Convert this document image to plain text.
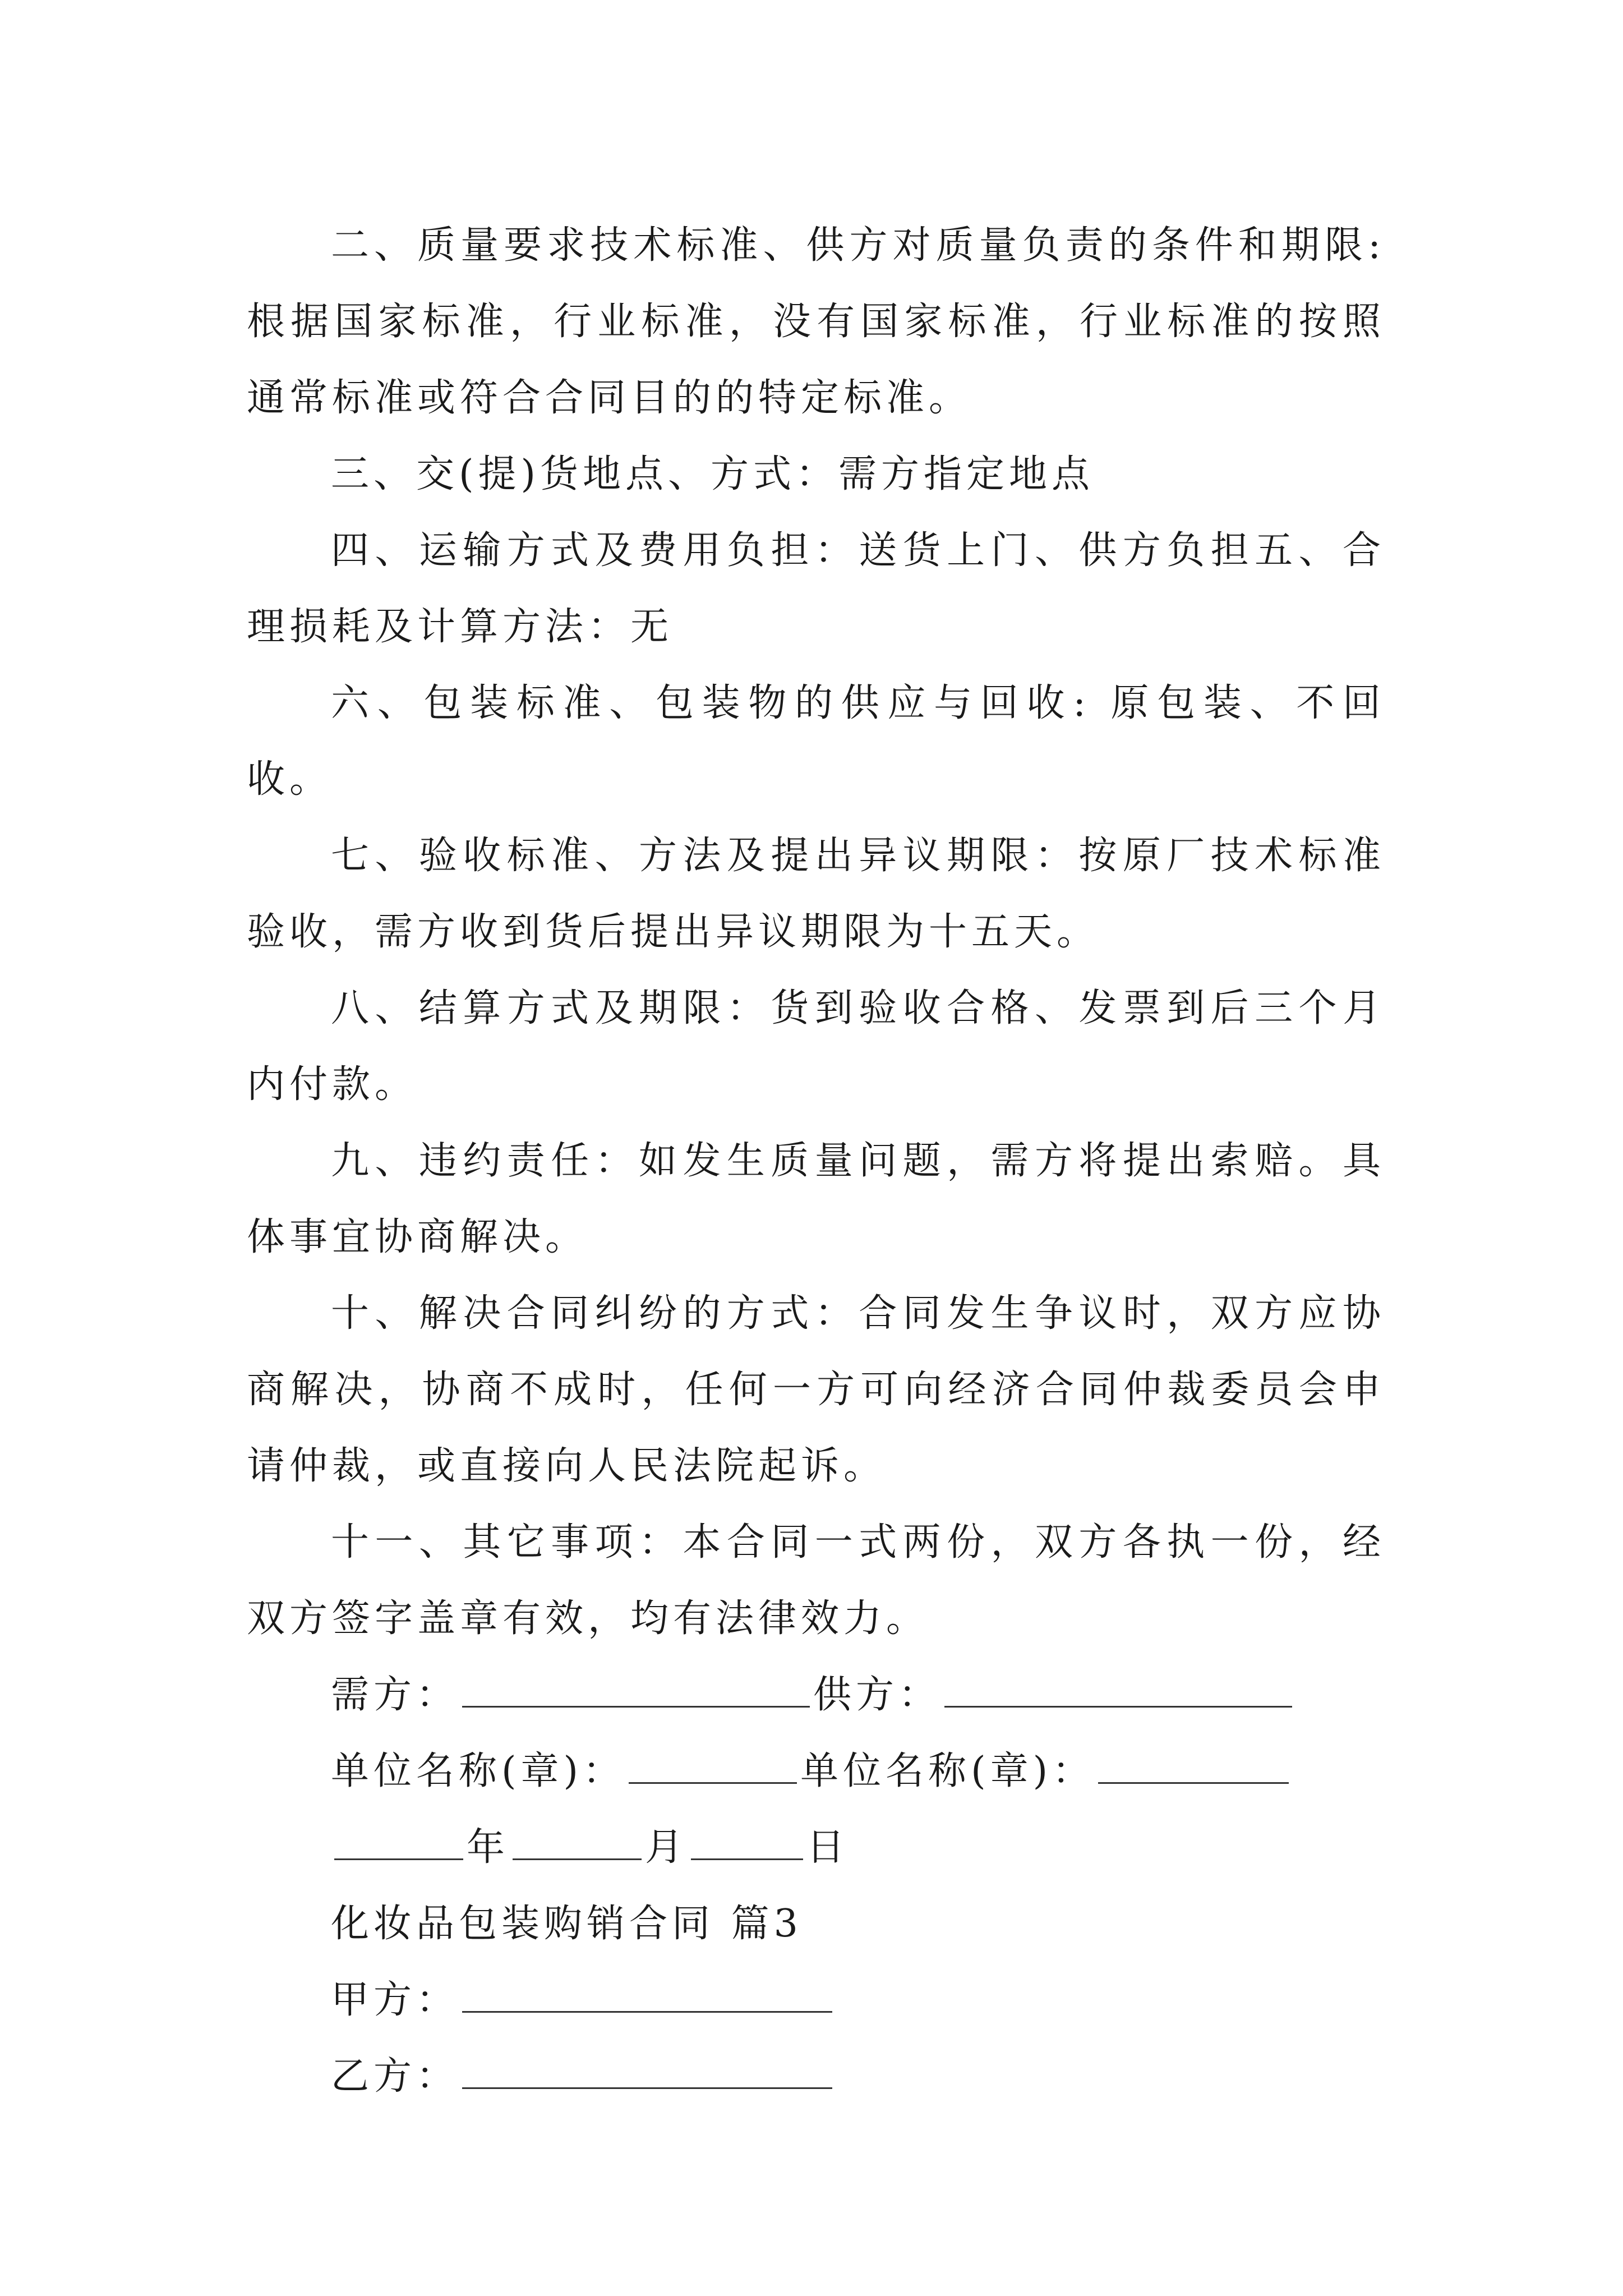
二、质量要求技术标准、供方对质量负责的条件和期限: 根据国家标准，行业标准，没有国家标准，行业标准的按照通常标准或符合合同目的的特定标准。

三、交(提)货地点、方式：需方指定地点

四、运输方式及费用负担：送货上门、供方负担五、合理损耗及计算方法：无

六、包装标准、包装物的供应与回收: 原包装、不回收。

七、验收标准、方法及提出异议期限：按原厂技术标准验收，需方收到货后提出异议期限为十五天。

八、结算方式及期限：货到验收合格、发票到后三个月内付款。

九、违约责任：如发生质量问题，需方将提出索赔。具体事宜协商解决。

十、解决合同纠纷的方式：合同发生争议时，双方应协商解决，协商不成时，任何一方可向经济合同仲裁委员会申请仲裁，或直接向人民法院起诉。

十一、其它事项：本合同一式两份，双方各执一份，经双方签字盖章有效，均有法律效力。

需方：	供方：
单位名称(章)：	单位名称(章)：
年	月	日
化妆品包装购销合同 篇3
甲方：
乙方：
